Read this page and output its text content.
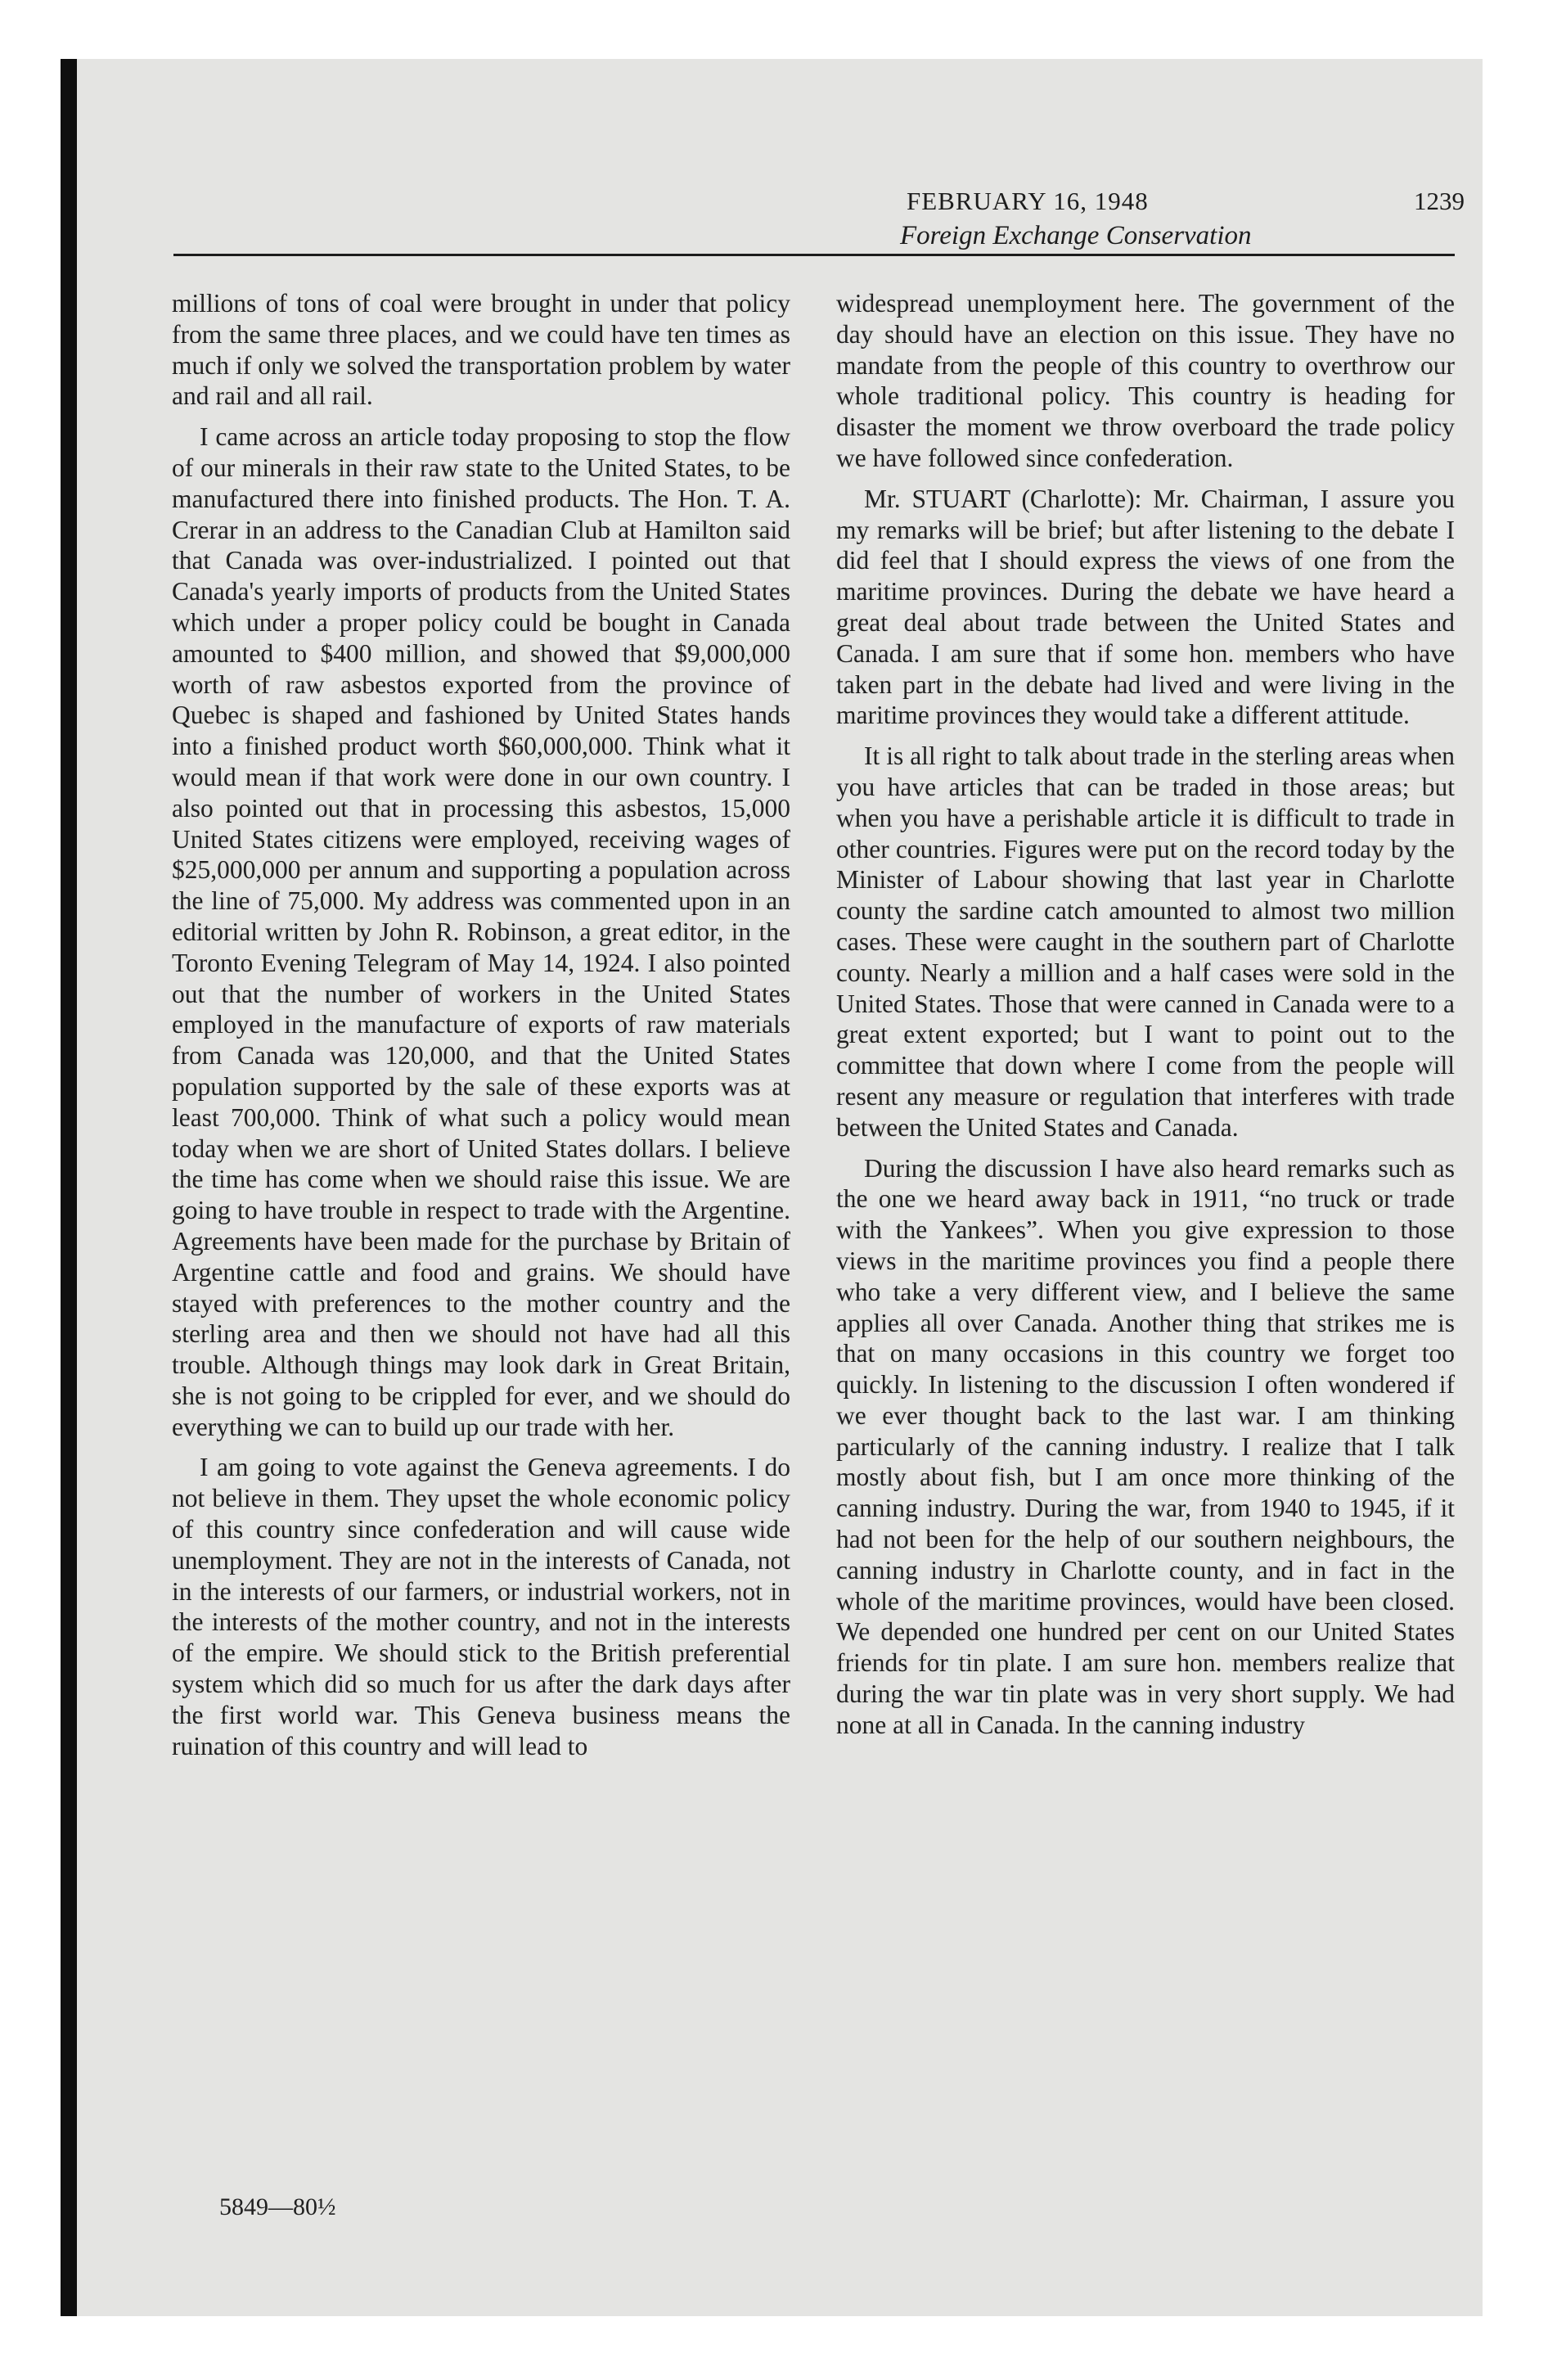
FEBRUARY 16, 1948	1239
Foreign Exchange Conservation

millions of tons of coal were brought in under that policy from the same three places, and we could have ten times as much if only we solved the transportation problem by water and rail and all rail.

I came across an article today proposing to stop the flow of our minerals in their raw state to the United States, to be manufactured there into finished products. The Hon. T. A. Crerar in an address to the Canadian Club at Hamilton said that Canada was over-industrialized. I pointed out that Canada's yearly imports of products from the United States which under a proper policy could be bought in Canada amounted to $400 million, and showed that $9,000,000 worth of raw asbestos exported from the province of Quebec is shaped and fashioned by United States hands into a finished product worth $60,000,000. Think what it would mean if that work were done in our own country. I also pointed out that in processing this asbestos, 15,000 United States citizens were employed, receiving wages of $25,000,000 per annum and supporting a population across the line of 75,000. My address was commented upon in an editorial written by John R. Robinson, a great editor, in the Toronto Evening Telegram of May 14, 1924. I also pointed out that the number of workers in the United States employed in the manufacture of exports of raw materials from Canada was 120,000, and that the United States population supported by the sale of these exports was at least 700,000. Think of what such a policy would mean today when we are short of United States dollars. I believe the time has come when we should raise this issue. We are going to have trouble in respect to trade with the Argentine. Agreements have been made for the purchase by Britain of Argentine cattle and food and grains. We should have stayed with preferences to the mother country and the sterling area and then we should not have had all this trouble. Although things may look dark in Great Britain, she is not going to be crippled for ever, and we should do everything we can to build up our trade with her.

I am going to vote against the Geneva agreements. I do not believe in them. They upset the whole economic policy of this country since confederation and will cause wide unemployment. They are not in the interests of Canada, not in the interests of our farmers, or industrial workers, not in the interests of the mother country, and not in the interests of the empire. We should stick to the British preferential system which did so much for us after the dark days after the first world war. This Geneva business means the ruination of this country and will lead to

widespread unemployment here. The government of the day should have an election on this issue. They have no mandate from the people of this country to overthrow our whole traditional policy. This country is heading for disaster the moment we throw overboard the trade policy we have followed since confederation.

Mr. STUART (Charlotte): Mr. Chairman, I assure you my remarks will be brief; but after listening to the debate I did feel that I should express the views of one from the maritime provinces. During the debate we have heard a great deal about trade between the United States and Canada. I am sure that if some hon. members who have taken part in the debate had lived and were living in the maritime provinces they would take a different attitude.

It is all right to talk about trade in the sterling areas when you have articles that can be traded in those areas; but when you have a perishable article it is difficult to trade in other countries. Figures were put on the record today by the Minister of Labour showing that last year in Charlotte county the sardine catch amounted to almost two million cases. These were caught in the southern part of Charlotte county. Nearly a million and a half cases were sold in the United States. Those that were canned in Canada were to a great extent exported; but I want to point out to the committee that down where I come from the people will resent any measure or regulation that interferes with trade between the United States and Canada.

During the discussion I have also heard remarks such as the one we heard away back in 1911, “no truck or trade with the Yankees”. When you give expression to those views in the maritime provinces you find a people there who take a very different view, and I believe the same applies all over Canada. Another thing that strikes me is that on many occasions in this country we forget too quickly. In listening to the discussion I often wondered if we ever thought back to the last war. I am thinking particularly of the canning industry. I realize that I talk mostly about fish, but I am once more thinking of the canning industry. During the war, from 1940 to 1945, if it had not been for the help of our southern neighbours, the canning industry in Charlotte county, and in fact in the whole of the maritime provinces, would have been closed. We depended one hundred per cent on our United States friends for tin plate. I am sure hon. members realize that during the war tin plate was in very short supply. We had none at all in Canada. In the canning industry

5849—80½
